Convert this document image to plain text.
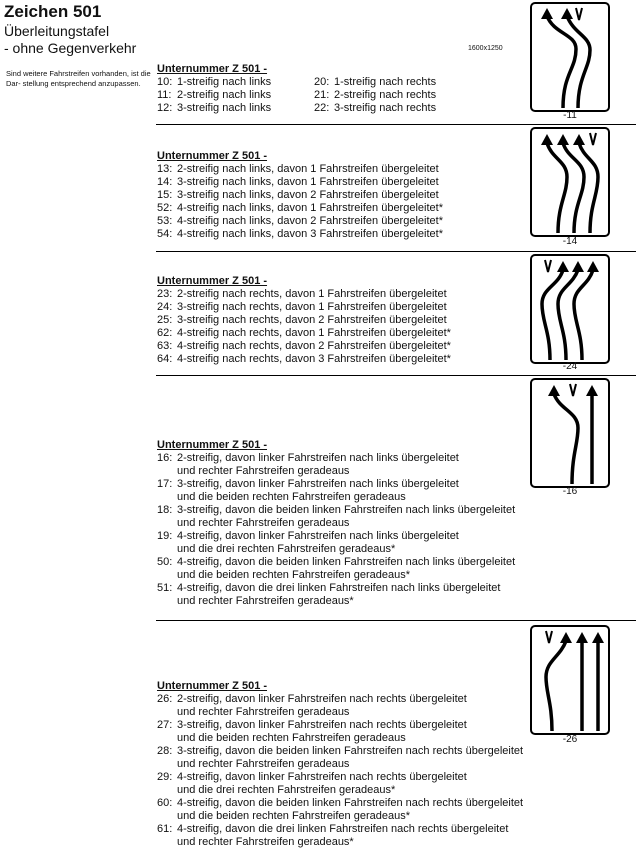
Zeichen 501
Überleitungstafel
- ohne Gegenverkehr
Sind weitere Fahrstreifen vorhanden, ist die Dar- stellung entsprechend anzupassen.
1600x1250
Unternummer Z 501 -
10: 1-streifig nach links
11: 2-streifig nach links
12: 3-streifig nach links
20: 1-streifig nach rechts
21: 2-streifig nach rechts
22: 3-streifig nach rechts
-11
Unternummer Z 501 -
13: 2-streifig nach links, davon 1 Fahrstreifen übergeleitet
14: 3-streifig nach links, davon 1 Fahrstreifen übergeleitet
15: 3-streifig nach links, davon 2 Fahrstreifen übergeleitet
52: 4-streifig nach links, davon 1 Fahrstreifen übergeleitet*
53: 4-streifig nach links, davon 2 Fahrstreifen übergeleitet*
54: 4-streifig nach links, davon 3 Fahrstreifen übergeleitet*
-14
Unternummer Z 501 -
23: 2-streifig nach rechts, davon 1 Fahrstreifen übergeleitet
24: 3-streifig nach rechts, davon 1 Fahrstreifen übergeleitet
25: 3-streifig nach rechts, davon 2 Fahrstreifen übergeleitet
62: 4-streifig nach rechts, davon 1 Fahrstreifen übergeleitet*
63: 4-streifig nach rechts, davon 2 Fahrstreifen übergeleitet*
64: 4-streifig nach rechts, davon 3 Fahrstreifen übergeleitet*
-24
Unternummer Z 501 -
16: 2-streifig, davon linker Fahrstreifen nach links übergeleitet
und rechter Fahrstreifen geradeaus
17: 3-streifig, davon linker Fahrstreifen nach links übergeleitet
und die beiden rechten Fahrstreifen geradeaus
18: 3-streifig, davon die beiden linken Fahrstreifen nach links übergeleitet
und rechter Fahrstreifen geradeaus
19: 4-streifig, davon linker Fahrstreifen nach links übergeleitet
und die drei rechten Fahrstreifen geradeaus*
50: 4-streifig, davon die beiden linken Fahrstreifen nach links übergeleitet
und die beiden rechten Fahrstreifen geradeaus*
51: 4-streifig, davon die drei linken Fahrstreifen nach links übergeleitet
und rechter Fahrstreifen geradeaus*
-16
Unternummer Z 501 -
26: 2-streifig, davon linker Fahrstreifen nach rechts übergeleitet
und rechter Fahrstreifen geradeaus
27: 3-streifig, davon linker Fahrstreifen nach rechts übergeleitet
und die beiden rechten Fahrstreifen geradeaus
28: 3-streifig, davon die beiden linken Fahrstreifen nach rechts übergeleitet
und rechter Fahrstreifen geradeaus
29: 4-streifig, davon linker Fahrstreifen nach rechts übergeleitet
und die drei rechten Fahrstreifen geradeaus*
60: 4-streifig, davon die beiden linken Fahrstreifen nach rechts übergeleitet
und die beiden rechten Fahrstreifen geradeaus*
61: 4-streifig, davon die drei linken Fahrstreifen nach rechts übergeleitet
und rechter Fahrstreifen geradeaus*
-26
